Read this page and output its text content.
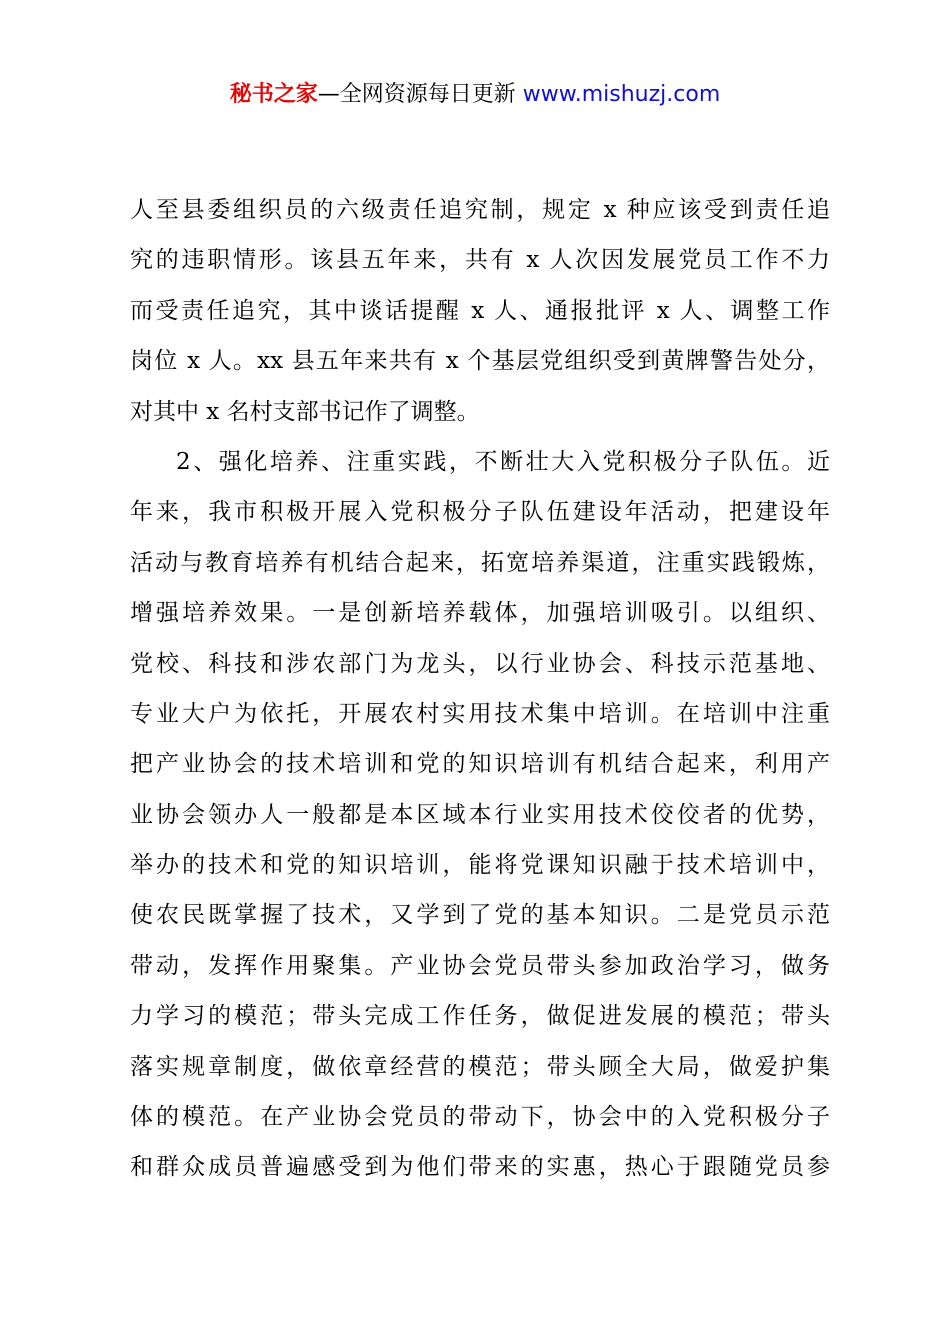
秘书之家—全网资源每日更新 www.mishuzj.com
人至县委组织员的六级责任追究制，规定 x 种应该受到责任追
究的违职情形。该县五年来，共有 x 人次因发展党员工作不力
而受责任追究，其中谈话提醒 x 人、通报批评 x 人、调整工作
岗位 x 人。xx 县五年来共有 x 个基层党组织受到黄牌警告处分，
对其中 x 名村支部书记作了调整。
2、强化培养、注重实践，不断壮大入党积极分子队伍。近
年来，我市积极开展入党积极分子队伍建设年活动，把建设年
活动与教育培养有机结合起来，拓宽培养渠道，注重实践锻炼，
增强培养效果。一是创新培养载体，加强培训吸引。以组织、
党校、科技和涉农部门为龙头，以行业协会、科技示范基地、
专业大户为依托，开展农村实用技术集中培训。在培训中注重
把产业协会的技术培训和党的知识培训有机结合起来，利用产
业协会领办人一般都是本区域本行业实用技术佼佼者的优势，
举办的技术和党的知识培训，能将党课知识融于技术培训中，
使农民既掌握了技术，又学到了党的基本知识。二是党员示范
带动，发挥作用聚集。产业协会党员带头参加政治学习，做务
力学习的模范；带头完成工作任务，做促进发展的模范；带头
落实规章制度，做依章经营的模范；带头顾全大局，做爱护集
体的模范。在产业协会党员的带动下，协会中的入党积极分子
和群众成员普遍感受到为他们带来的实惠，热心于跟随党员参
